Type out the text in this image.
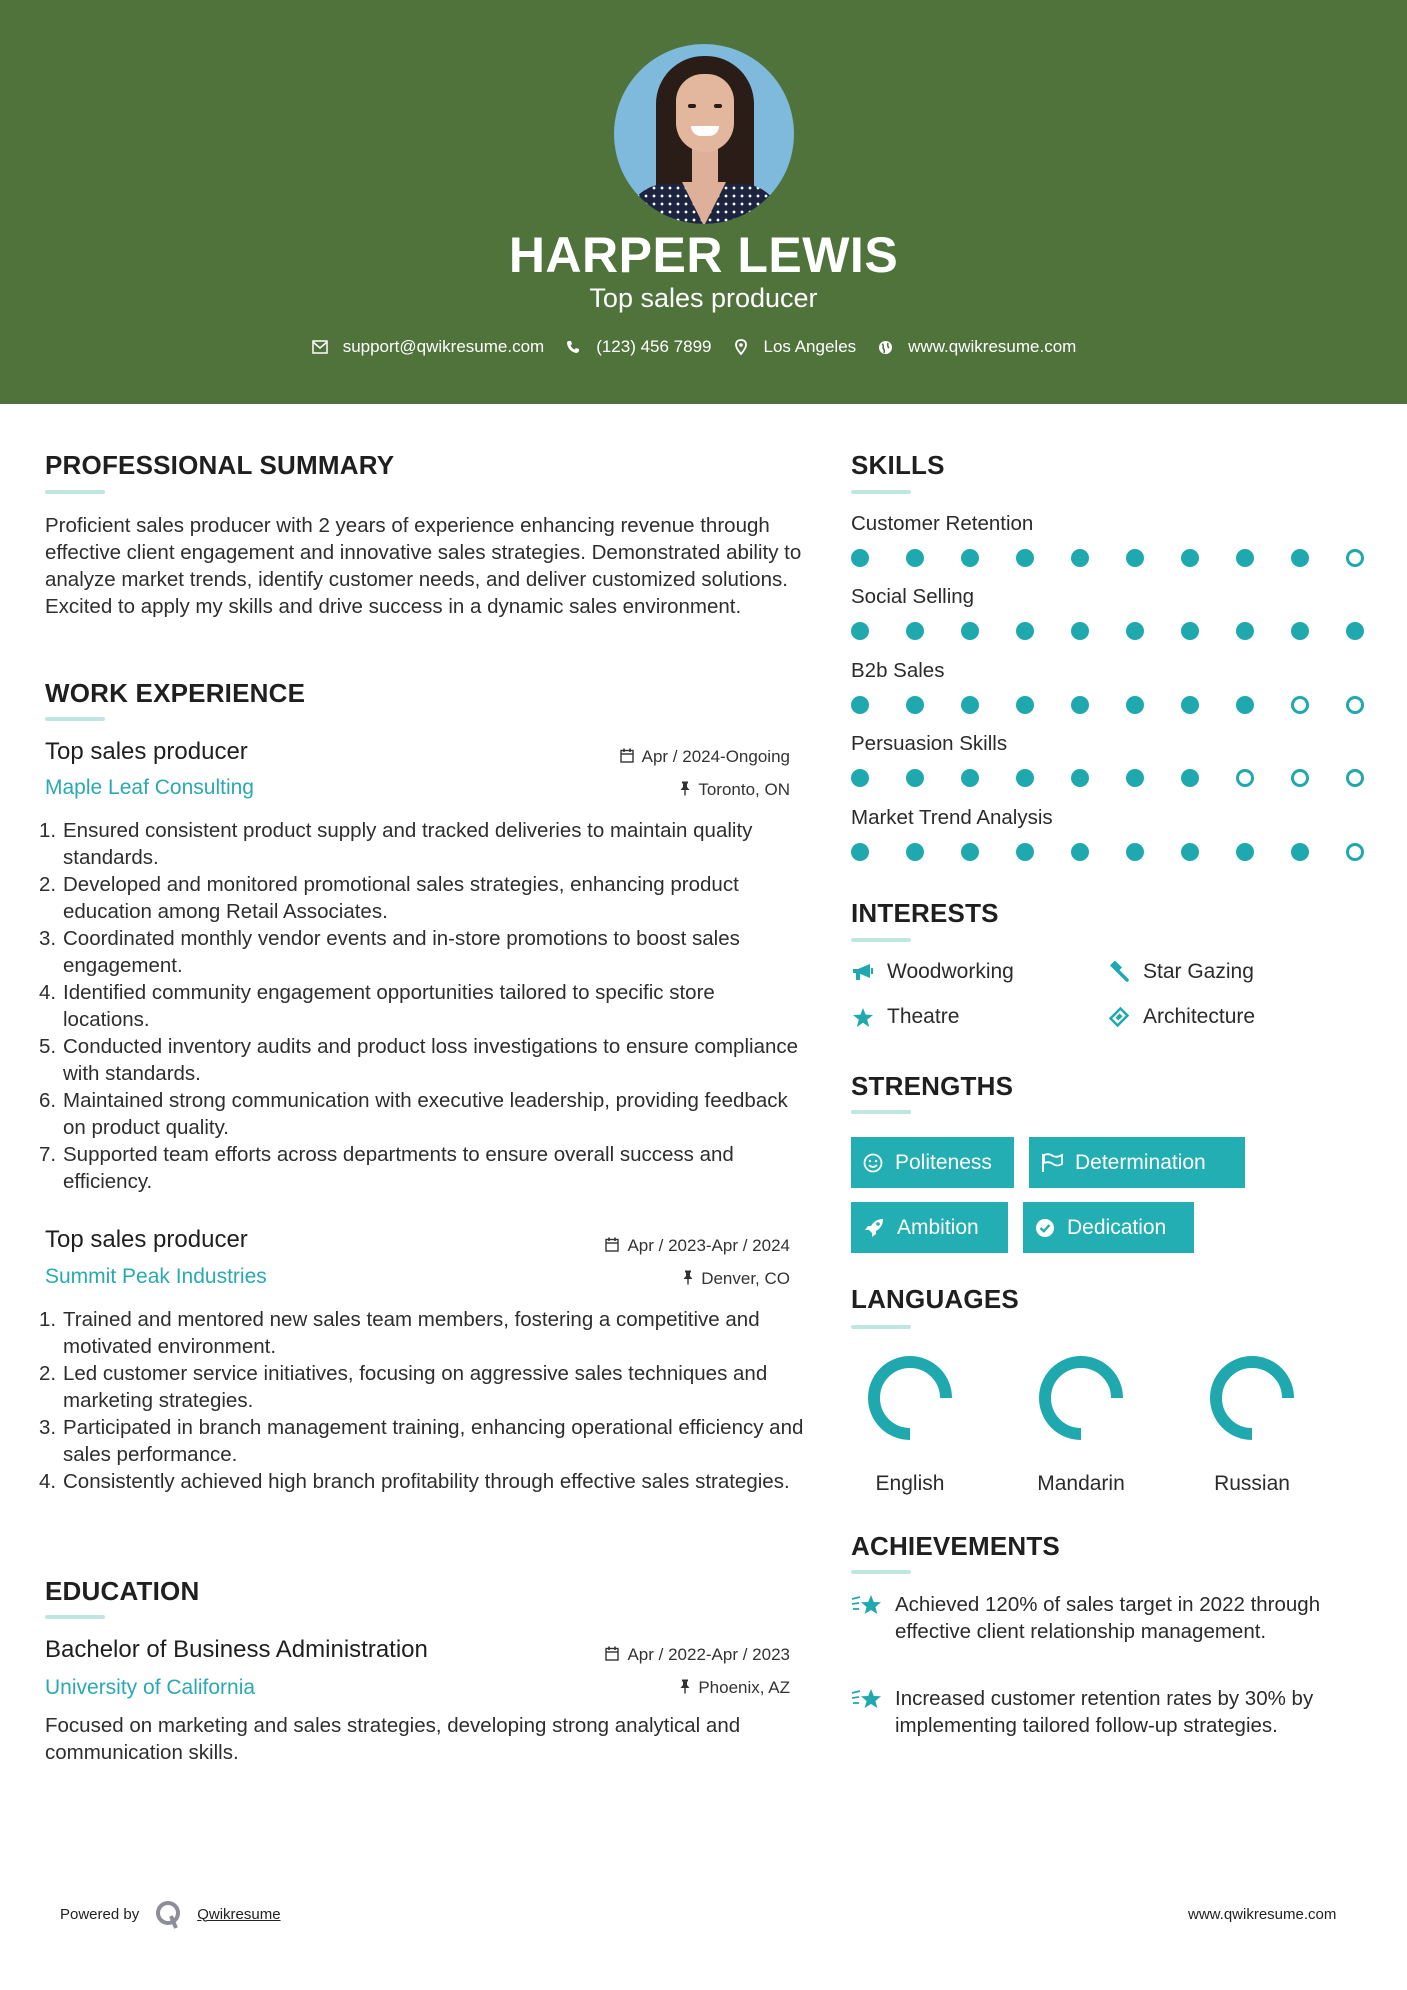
HARPER LEWIS
Top sales producer
support@qwikresume.com	(123) 456 7899	Los Angeles	www.qwikresume.com
PROFESSIONAL SUMMARY
Proficient sales producer with 2 years of experience enhancing revenue through effective client engagement and innovative sales strategies. Demonstrated ability to analyze market trends, identify customer needs, and deliver customized solutions. Excited to apply my skills and drive success in a dynamic sales environment.
WORK EXPERIENCE
Top sales producer	Apr / 2024-Ongoing
Maple Leaf Consulting	Toronto, ON
1. Ensured consistent product supply and tracked deliveries to maintain quality standards.
2. Developed and monitored promotional sales strategies, enhancing product education among Retail Associates.
3. Coordinated monthly vendor events and in-store promotions to boost sales engagement.
4. Identified community engagement opportunities tailored to specific store locations.
5. Conducted inventory audits and product loss investigations to ensure compliance with standards.
6. Maintained strong communication with executive leadership, providing feedback on product quality.
7. Supported team efforts across departments to ensure overall success and efficiency.
Top sales producer	Apr / 2023-Apr / 2024
Summit Peak Industries	Denver, CO
1. Trained and mentored new sales team members, fostering a competitive and motivated environment.
2. Led customer service initiatives, focusing on aggressive sales techniques and marketing strategies.
3. Participated in branch management training, enhancing operational efficiency and sales performance.
4. Consistently achieved high branch profitability through effective sales strategies.
EDUCATION
Bachelor of Business Administration	Apr / 2022-Apr / 2023
University of California	Phoenix, AZ
Focused on marketing and sales strategies, developing strong analytical and communication skills.
SKILLS
Customer Retention
Social Selling
B2b Sales
Persuasion Skills
Market Trend Analysis
INTERESTS
Woodworking	Star Gazing
Theatre	Architecture
STRENGTHS
Politeness	Determination
Ambition	Dedication
LANGUAGES
English	Mandarin	Russian
ACHIEVEMENTS
Achieved 120% of sales target in 2022 through effective client relationship management.
Increased customer retention rates by 30% by implementing tailored follow-up strategies.
Powered by	Qwikresume	www.qwikresume.com
